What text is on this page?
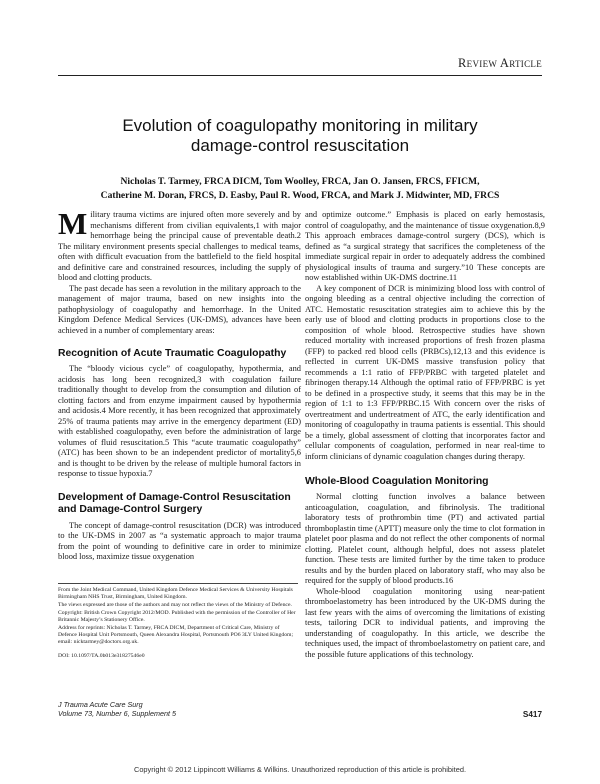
Review Article
Evolution of coagulopathy monitoring in military
damage-control resuscitation
Nicholas T. Tarmey, FRCA DICM, Tom Woolley, FRCA, Jan O. Jansen, FRCS, FFICM,
Catherine M. Doran, FRCS, D. Easby, Paul R. Wood, FRCA, and Mark J. Midwinter, MD, FRCS
M ilitary trauma victims are injured often more severely and by mechanisms different from civilian equivalents,1 with major hemorrhage being the principal cause of preventable death.2 The military environment presents special challenges to medical teams, often with difficult evacuation from the battlefield to the field hospital and definitive care and constrained resources, including the supply of blood and clotting products.

The past decade has seen a revolution in the military approach to the management of major trauma, based on new insights into the pathophysiology of coagulopathy and hemorrhage. In the United Kingdom Defence Medical Services (UK-DMS), advances have been achieved in a number of complementary areas:

Recognition of Acute Traumatic Coagulopathy

The “bloody vicious cycle” of coagulopathy, hypothermia, and acidosis has long been recognized,3 with coagulation failure traditionally thought to develop from the consumption and dilution of clotting factors and from enzyme impairment caused by hypothermia and acidosis.4 More recently, it has been recognized that approximately 25% of trauma patients may arrive in the emergency department (ED) with established coagulopathy, even before the administration of large volumes of fluid resuscitation.5 This “acute traumatic coagulopathy” (ATC) has been shown to be an independent predictor of mortality5,6 and is thought to be driven by the release of multiple humoral factors in response to tissue hypoxia.7

Development of Damage-Control Resuscitation
and Damage-Control Surgery

The concept of damage-control resuscitation (DCR) was introduced to the UK-DMS in 2007 as “a systematic approach to major trauma from the point of wounding to definitive care in order to minimize blood loss, maximize tissue oxygenation

and optimize outcome.” Emphasis is placed on early hemostasis, control of coagulopathy, and the maintenance of tissue oxygenation.8,9 This approach embraces damage-control surgery (DCS), which is defined as “a surgical strategy that sacrifices the completeness of the immediate surgical repair in order to adequately address the combined physiological insults of trauma and surgery.”10 These concepts are now established within UK-DMS doctrine.11

A key component of DCR is minimizing blood loss with control of ongoing bleeding as a central objective including the correction of ATC. Hemostatic resuscitation strategies aim to achieve this by the early use of blood and clotting products in proportions close to the composition of whole blood. Retrospective studies have shown reduced mortality with increased proportions of fresh frozen plasma (FFP) to packed red blood cells (PRBCs),12,13 and this evidence is reflected in current UK-DMS massive transfusion policy that recommends a 1:1 ratio of FFP/PRBC with targeted platelet and fibrinogen therapy.14 Although the optimal ratio of FFP/PRBC is yet to be defined in a prospective study, it seems that this may be in the region of 1:1 to 1:3 FFP/PRBC.15 With concern over the risks of overtreatment and undertreatment of ATC, the early identification and monitoring of coagulopathy in trauma patients is essential. This should be a timely, global assessment of clotting that incorporates factor and cellular components of coagulation, performed in near real-time to inform clinicians of dynamic coagulation changes during therapy.

Whole-Blood Coagulation Monitoring

Normal clotting function involves a balance between anticoagulation, coagulation, and fibrinolysis. The traditional laboratory tests of prothrombin time (PT) and activated partial thromboplastin time (APTT) measure only the time to clot formation in platelet poor plasma and do not reflect the other components of normal clotting. Platelet count, although helpful, does not assess platelet function. These tests are limited further by the time taken to produce results and by the burden placed on laboratory staff, who may also be required for the supply of blood products.16

Whole-blood coagulation monitoring using near-patient thromboelastometry has been introduced by the UK-DMS during the last few years with the aims of overcoming the limitations of existing tests, tailoring DCR to individual patients, and improving the understanding of coagulopathy. In this article, we describe the techniques used, the impact of thromboelastometry on patient care, and the possible future applications of this technology.

From the Joint Medical Command, United Kingdom Defence Medical Services & University Hospitals Birmingham NHS Trust, Birmingham, United Kingdom.

The views expressed are those of the authors and may not reflect the views of the Ministry of Defence.

Copyright: British Crown Copyright 2012/MOD. Published with the permission of the Controller of Her Britannic Majesty’s Stationery Office.

Address for reprints: Nicholas T. Tarmey, FRCA DICM, Department of Critical Care, Ministry of Defence Hospital Unit Portsmouth, Queen Alexandra Hospital, Portsmouth PO6 3LY United Kingdom; email: nicktarmey@doctors.org.uk.

DOI: 10.1097/TA.0b013e31827546e0
J Trauma Acute Care Surg
Volume 73, Number 6, Supplement 5	S417
Copyright © 2012 Lippincott Williams & Wilkins. Unauthorized reproduction of this article is prohibited.
